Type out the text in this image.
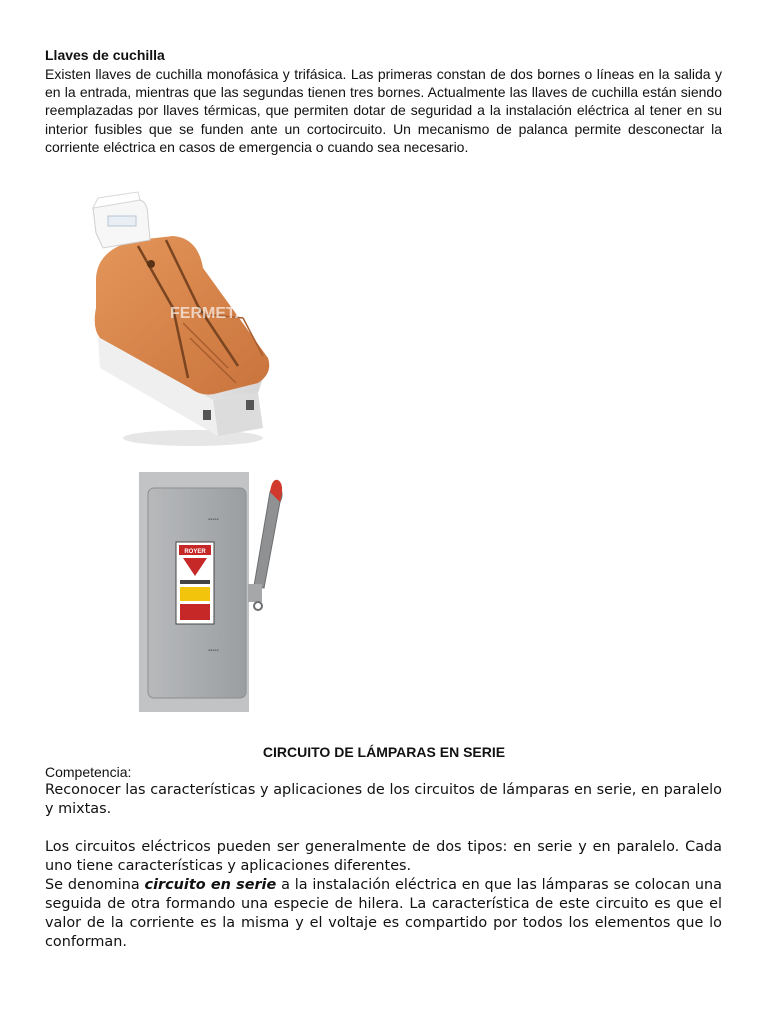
Llaves de cuchilla
Existen llaves de cuchilla monofásica y trifásica. Las primeras constan de dos bornes o líneas en la salida y en la entrada, mientras que las segundas tienen tres bornes. Actualmente las llaves de cuchilla están siendo reemplazadas por llaves térmicas, que permiten dotar de seguridad a la instalación eléctrica al tener en su interior fusibles que se funden ante un cortocircuito. Un mecanismo de palanca permite desconectar la corriente eléctrica en casos de emergencia o cuando sea necesario.
FERMETAL
▪▪▪▪▪
▪▪▪▪▪
ROYER
CIRCUITO DE LÁMPARAS EN SERIE
Competencia:
Reconocer las características y aplicaciones de los circuitos de lámparas en serie, en paralelo y mixtas.
Los circuitos eléctricos pueden ser generalmente de dos tipos: en serie y en paralelo. Cada uno tiene características y aplicaciones diferentes.
Se denomina circuito en serie a la instalación eléctrica en que las lámparas se colocan una seguida de otra formando una especie de hilera. La característica de este circuito es que el valor de la corriente es la misma y el voltaje es compartido por todos los elementos que lo conforman.
